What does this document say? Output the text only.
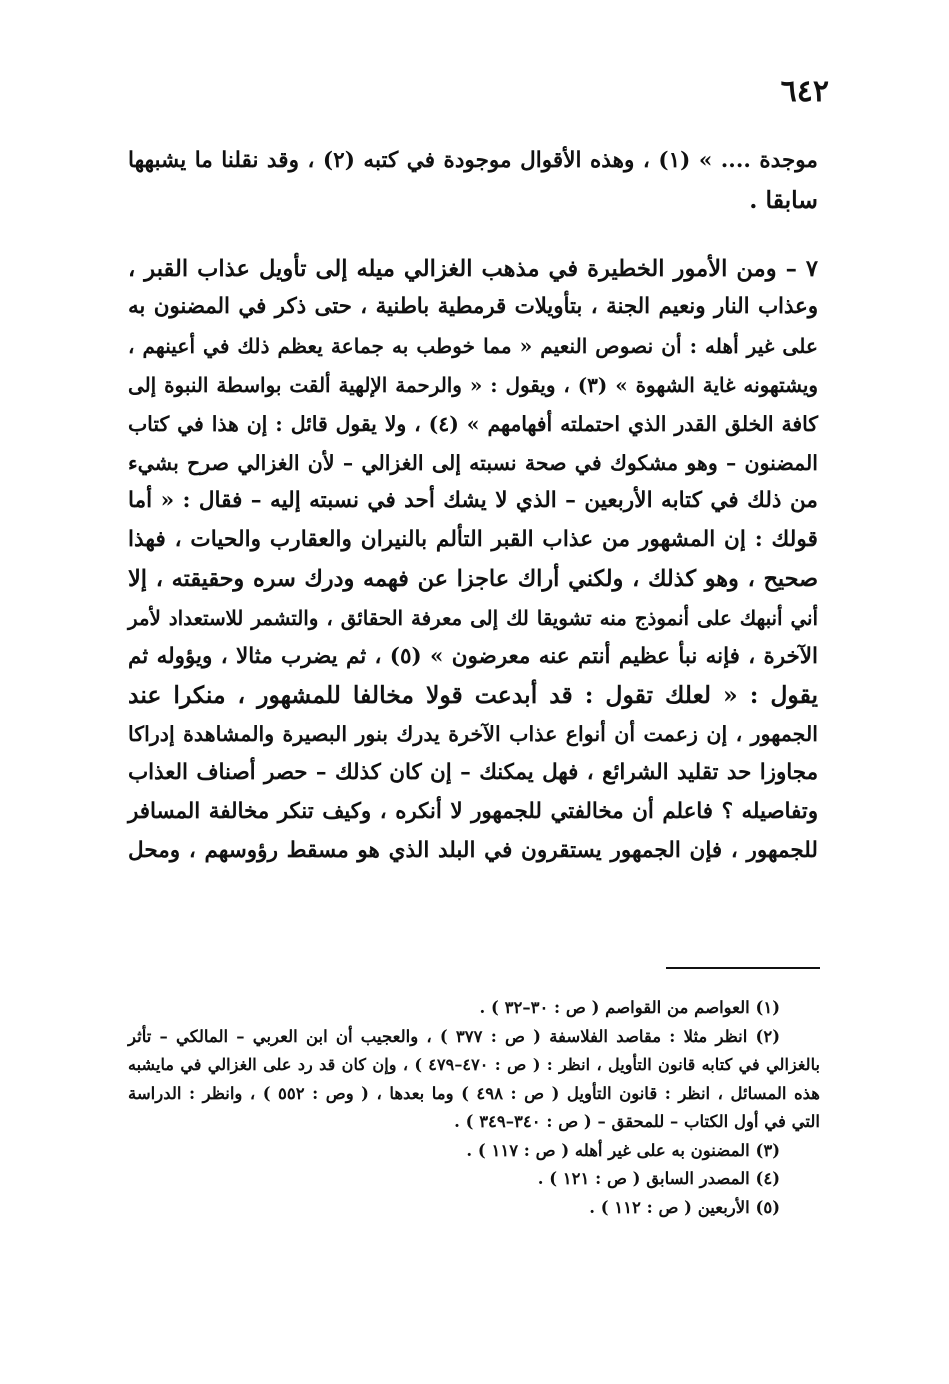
٦٤٢
موجدة .... » (١) ، وهذه الأقوال موجودة في كتبه (٢) ، وقد نقلنا ما يشبهها
سابقا .
٧ – ومن الأمور الخطيرة في مذهب الغزالي ميله إلى تأويل عذاب القبر ،
وعذاب النار ونعيم الجنة ، بتأويلات قرمطية باطنية ، حتى ذكر في المضنون به
على غير أهله : أن نصوص النعيم « مما خوطب به جماعة يعظم ذلك في أعينهم ،
ويشتهونه غاية الشهوة » (٣) ، ويقول : « والرحمة الإلهية ألقت بواسطة النبوة إلى
كافة الخلق القدر الذي احتملته أفهامهم » (٤) ، ولا يقول قائل : إن هذا في كتاب
المضنون – وهو مشكوك في صحة نسبته إلى الغزالي – لأن الغزالي صرح بشيء
من ذلك في كتابه الأربعين – الذي لا يشك أحد في نسبته إليه – فقال : « أما
قولك : إن المشهور من عذاب القبر التألم بالنيران والعقارب والحيات ، فهذا
صحيح ، وهو كذلك ، ولكني أراك عاجزا عن فهمه ودرك سره وحقيقته ، إلا
أني أنبهك على أنموذج منه تشويقا لك إلى معرفة الحقائق ، والتشمر للاستعداد لأمر
الآخرة ، فإنه نبأ عظيم أنتم عنه معرضون » (٥) ، ثم يضرب مثالا ، ويؤوله ثم
يقول : « لعلك تقول : قد أبدعت قولا مخالفا للمشهور ، منكرا عند
الجمهور ، إن زعمت أن أنواع عذاب الآخرة يدرك بنور البصيرة والمشاهدة إدراكا
مجاوزا حد تقليد الشرائع ، فهل يمكنك – إن كان كذلك – حصر أصناف العذاب
وتفاصيله ؟ فاعلم أن مخالفتي للجمهور لا أنكره ، وكيف تنكر مخالفة المسافر
للجمهور ، فإن الجمهور يستقرون في البلد الذي هو مسقط رؤوسهم ، ومحل
(١) العواصم من القواصم ( ص : ٣٠–٣٢ ) .
(٢) انظر مثلا : مقاصد الفلاسفة ( ص : ٣٧٧ ) ، والعجيب أن ابن العربي – المالكي – تأثر
بالغزالي في كتابه قانون التأويل ، انظر : ( ص : ٤٧٠–٤٧٩ ) ، وإن كان قد رد على الغزالي في مايشبه
هذه المسائل ، انظر : قانون التأويل ( ص : ٤٩٨ ) وما بعدها ، ( وص : ٥٥٢ ) ، وانظر : الدراسة
التي في أول الكتاب – للمحقق – ( ص : ٣٤٠–٣٤٩ ) .
(٣) المضنون به على غير أهله ( ص : ١١٧ ) .
(٤) المصدر السابق ( ص : ١٢١ ) .
(٥) الأربعين ( ص : ١١٢ ) .
